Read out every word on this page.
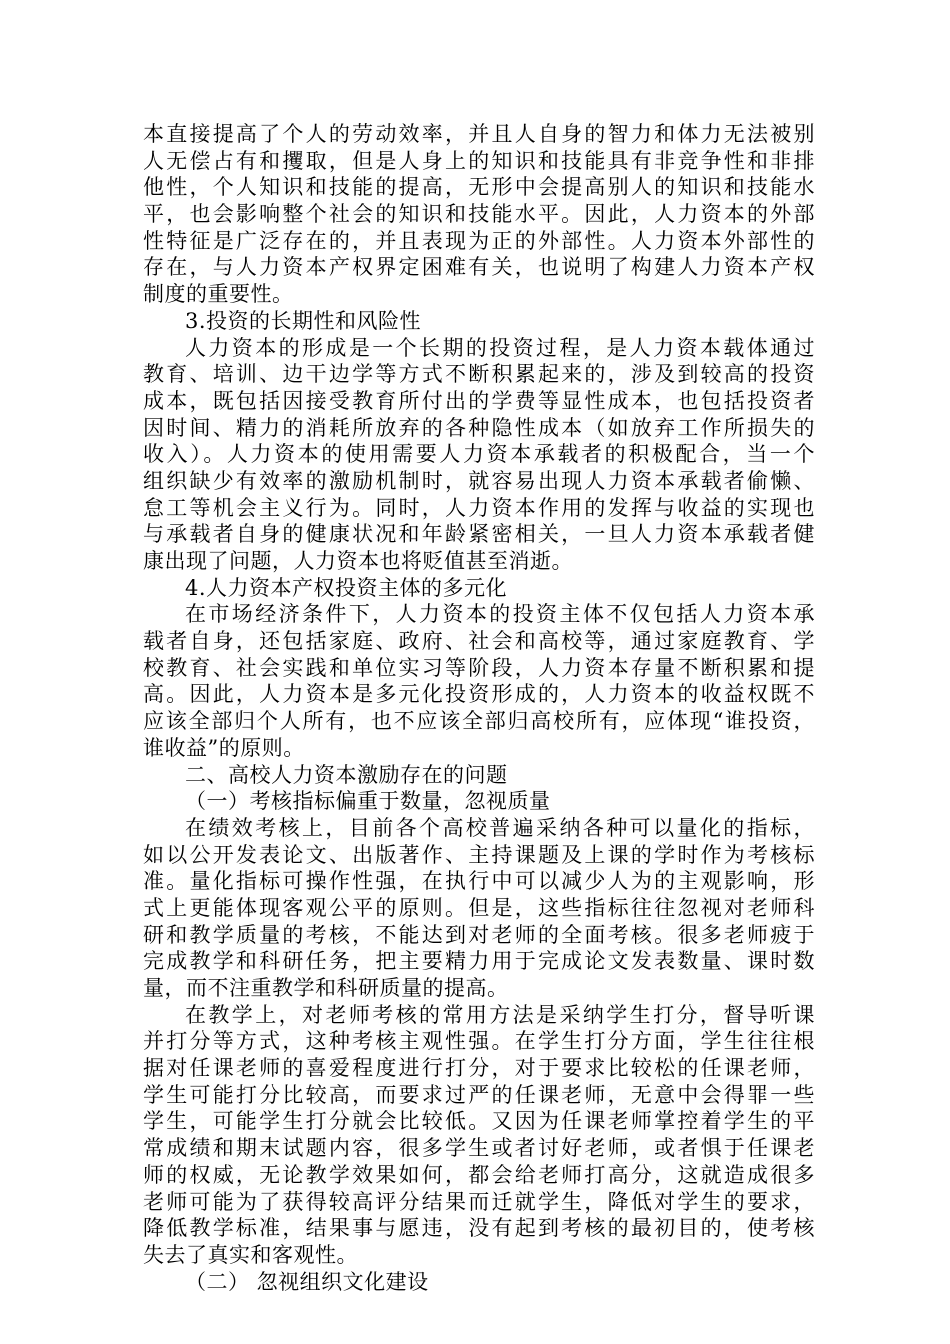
本直接提高了个人的劳动效率，并且人自身的智力和体力无法被别
人无偿占有和攫取，但是人身上的知识和技能具有非竞争性和非排
他性，个人知识和技能的提高，无形中会提高别人的知识和技能水
平，也会影响整个社会的知识和技能水平。因此，人力资本的外部
性特征是广泛存在的，并且表现为正的外部性。人力资本外部性的
存在，与人力资本产权界定困难有关，也说明了构建人力资本产权
制度的重要性。
3.投资的长期性和风险性
人力资本的形成是一个长期的投资过程，是人力资本载体通过
教育、培训、边干边学等方式不断积累起来的，涉及到较高的投资
成本，既包括因接受教育所付出的学费等显性成本，也包括投资者
因时间、精力的消耗所放弃的各种隐性成本（如放弃工作所损失的
收入）。人力资本的使用需要人力资本承载者的积极配合，当一个
组织缺少有效率的激励机制时，就容易出现人力资本承载者偷懒、
怠工等机会主义行为。同时，人力资本作用的发挥与收益的实现也
与承载者自身的健康状况和年龄紧密相关，一旦人力资本承载者健
康出现了问题，人力资本也将贬值甚至消逝。
4.人力资本产权投资主体的多元化
在市场经济条件下，人力资本的投资主体不仅包括人力资本承
载者自身，还包括家庭、政府、社会和高校等，通过家庭教育、学
校教育、社会实践和单位实习等阶段，人力资本存量不断积累和提
高。因此，人力资本是多元化投资形成的，人力资本的收益权既不
应该全部归个人所有，也不应该全部归高校所有，应体现“谁投资，
谁收益”的原则。
二、高校人力资本激励存在的问题
（一）考核指标偏重于数量，忽视质量
在绩效考核上，目前各个高校普遍采纳各种可以量化的指标，
如以公开发表论文、出版著作、主持课题及上课的学时作为考核标
准。量化指标可操作性强，在执行中可以减少人为的主观影响，形
式上更能体现客观公平的原则。但是，这些指标往往忽视对老师科
研和教学质量的考核，不能达到对老师的全面考核。很多老师疲于
完成教学和科研任务，把主要精力用于完成论文发表数量、课时数
量，而不注重教学和科研质量的提高。
在教学上，对老师考核的常用方法是采纳学生打分，督导听课
并打分等方式，这种考核主观性强。在学生打分方面，学生往往根
据对任课老师的喜爱程度进行打分，对于要求比较松的任课老师，
学生可能打分比较高，而要求过严的任课老师，无意中会得罪一些
学生，可能学生打分就会比较低。又因为任课老师掌控着学生的平
常成绩和期末试题内容，很多学生或者讨好老师，或者惧于任课老
师的权威，无论教学效果如何，都会给老师打高分，这就造成很多
老师可能为了获得较高评分结果而迁就学生，降低对学生的要求，
降低教学标准，结果事与愿违，没有起到考核的最初目的，使考核
失去了真实和客观性。
（二） 忽视组织文化建设
